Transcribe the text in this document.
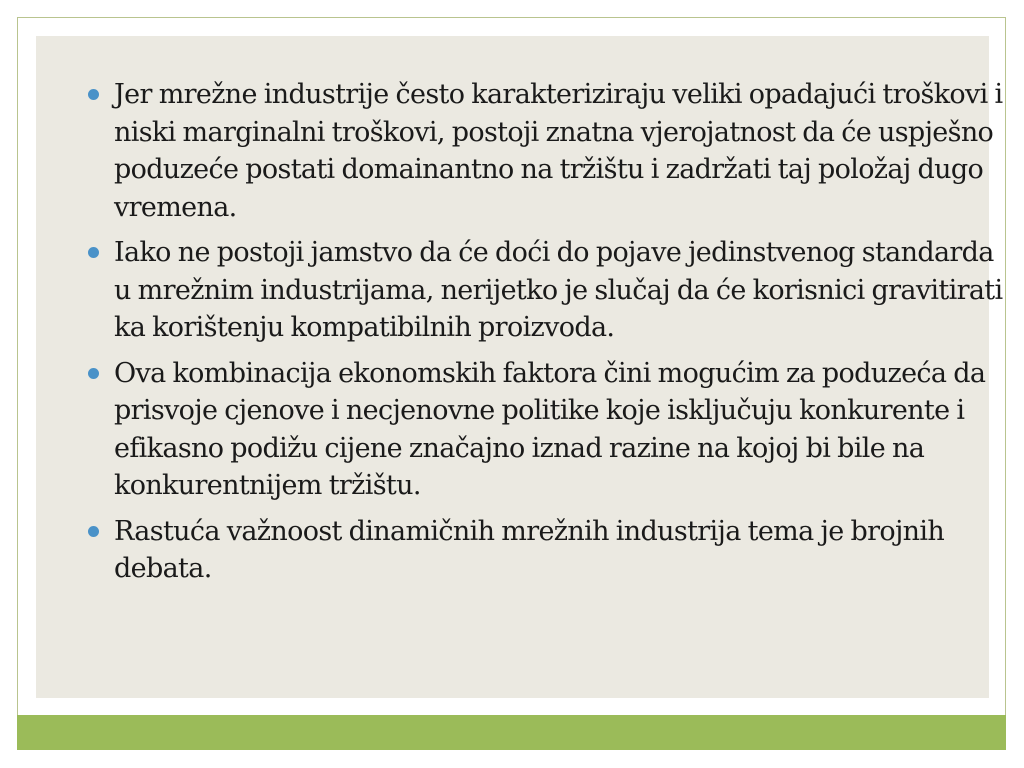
Jer mrežne industrije često karakteriziraju veliki opadajući troškovi i niski marginalni troškovi, postoji znatna vjerojatnost da će uspješno poduzeće postati domainantno na tržištu i zadržati taj položaj dugo vremena.
Iako ne postoji jamstvo da će doći do pojave jedinstvenog standarda u mrežnim industrijama, nerijetko je slučaj da će korisnici gravitirati ka korištenju kompatibilnih proizvoda.
Ova kombinacija ekonomskih faktora čini mogućim za poduzeća da prisvoje cjenove i necjenovne politike koje isključuju konkurente i efikasno podižu cijene značajno iznad razine na kojoj bi bile na konkurentnijem tržištu.
Rastuća važnoost dinamičnih mrežnih industrija tema je brojnih debata.
